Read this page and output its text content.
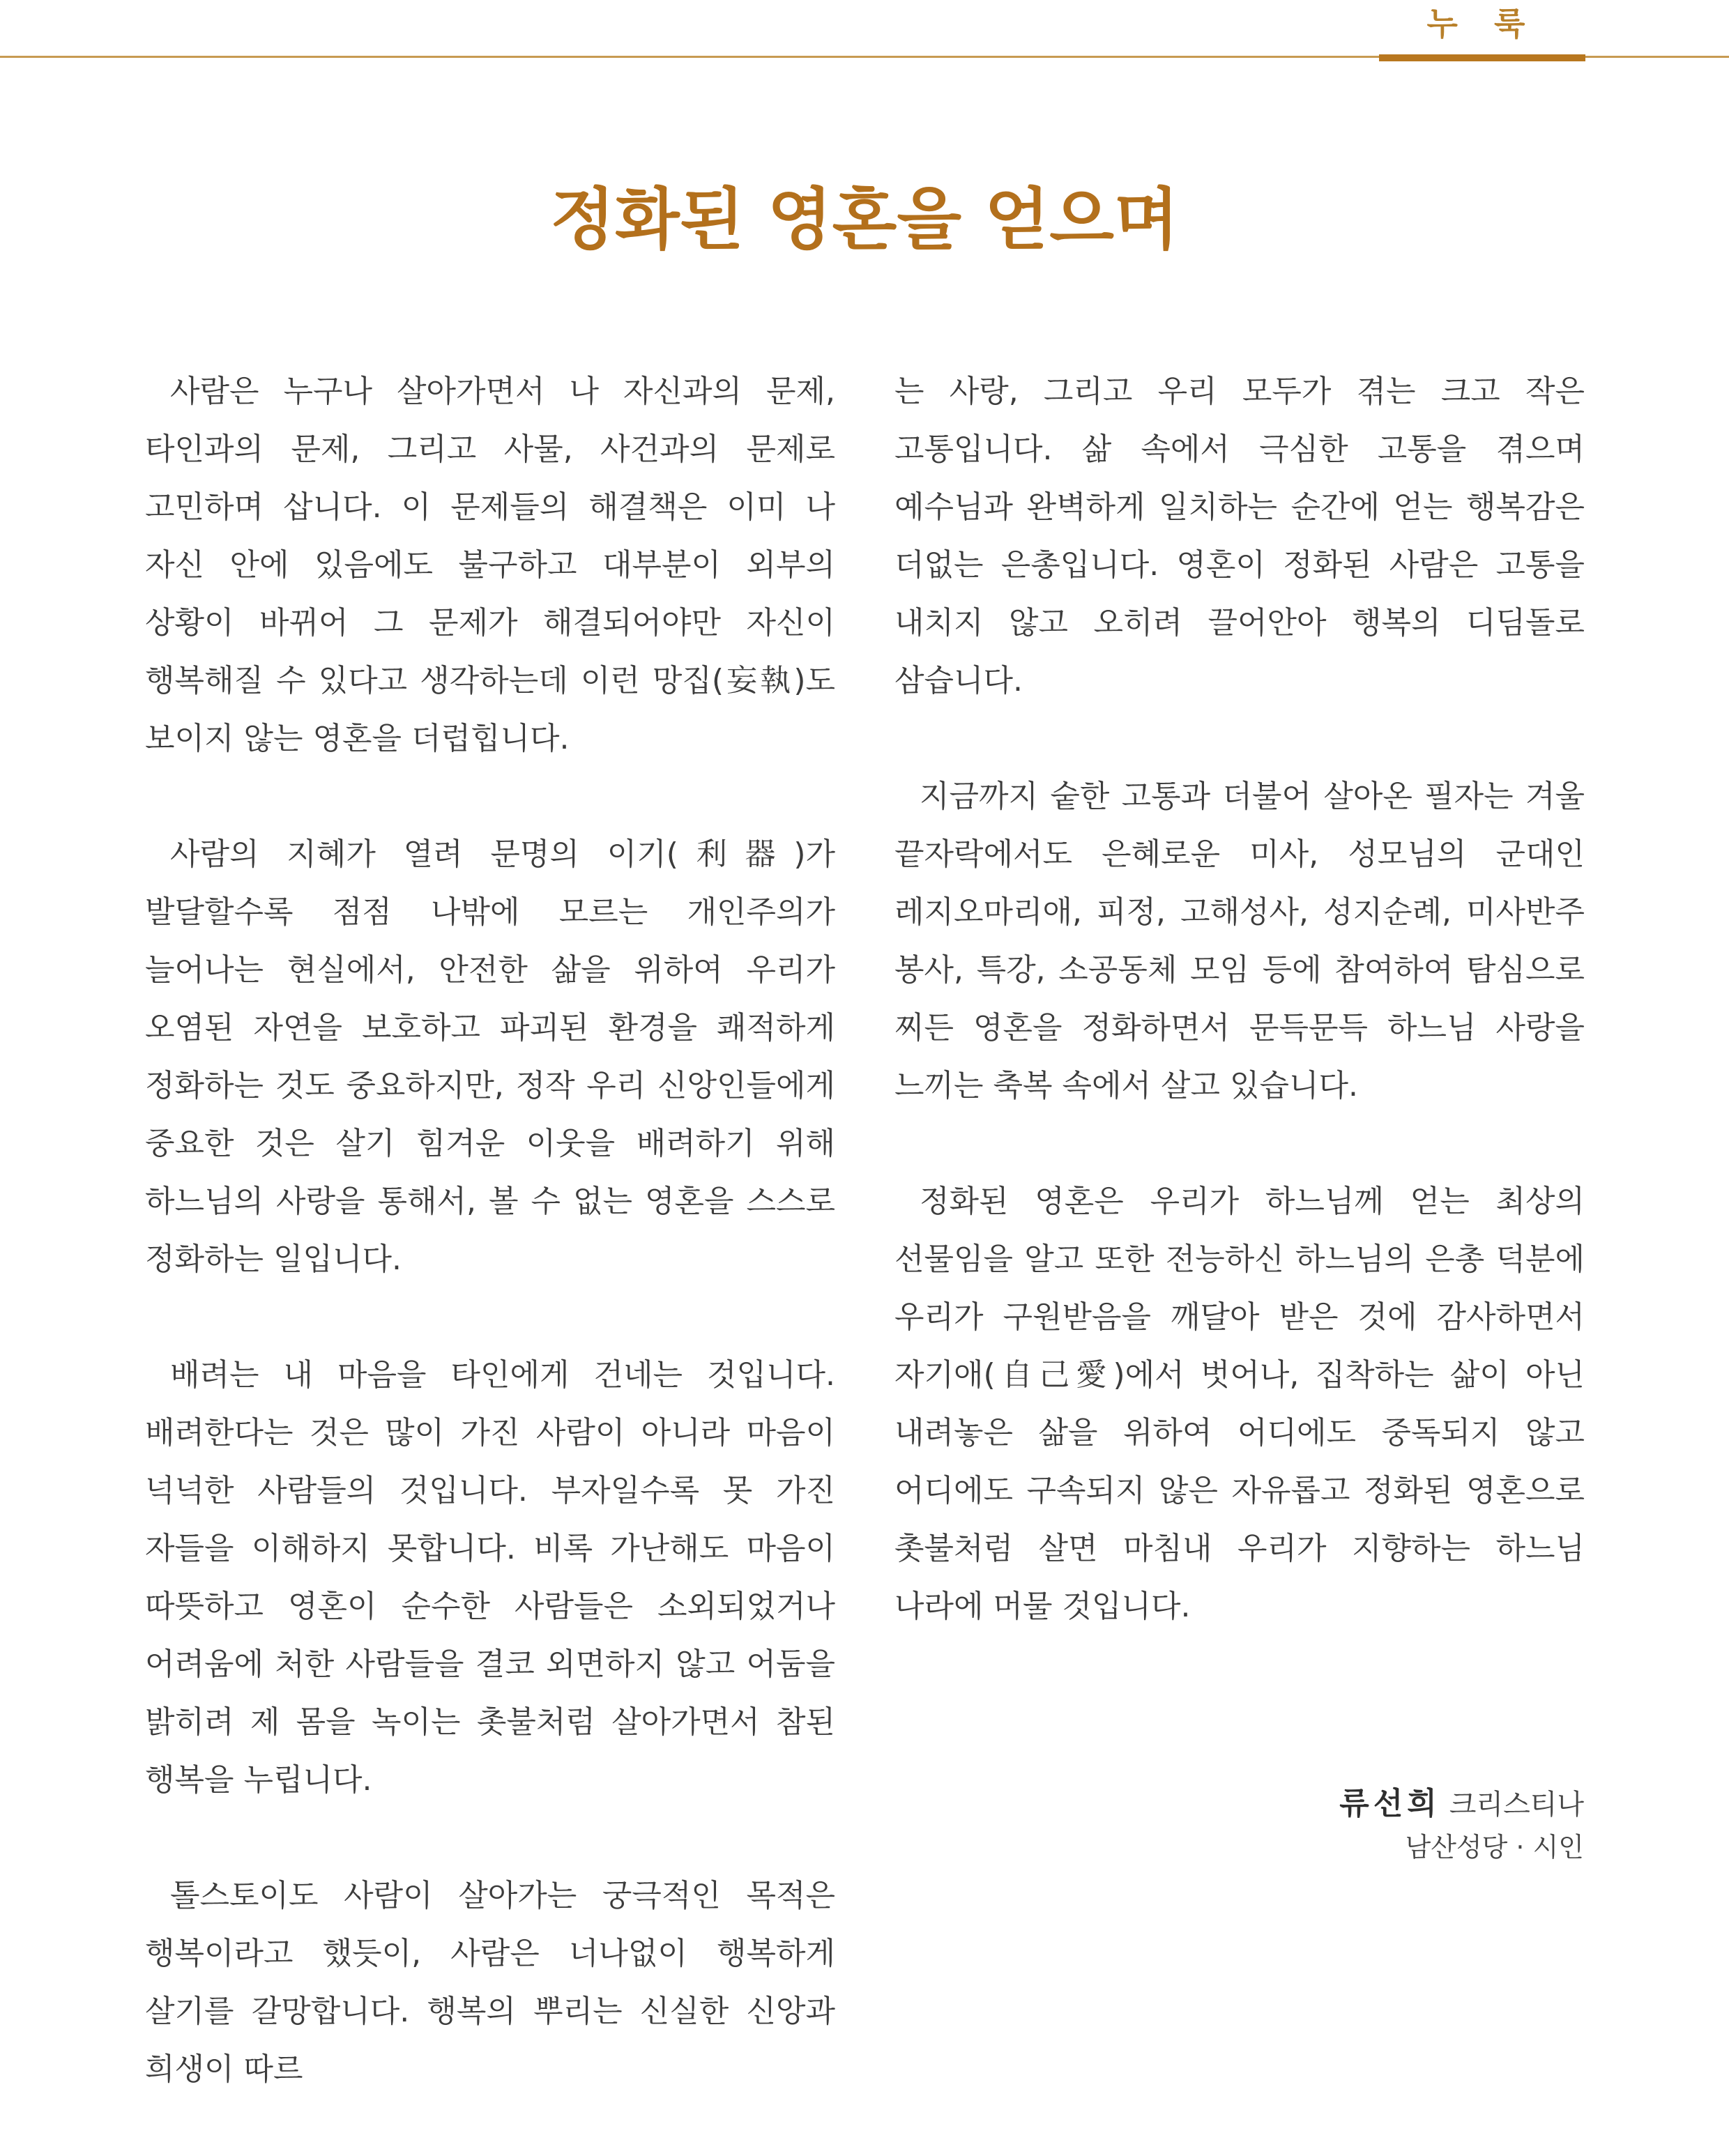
누 룩
정화된 영혼을 얻으며

사람은 누구나 살아가면서 나 자신과의 문제, 타인과의 문제, 그리고 사물, 사건과의 문제로 고민하며 삽니다. 이 문제들의 해결책은 이미 나 자신 안에 있음에도 불구하고 대부분이 외부의 상황이 바뀌어 그 문제가 해결되어야만 자신이 행복해질 수 있다고 생각하는데 이런 망집(妄執)도 보이지 않는 영혼을 더럽힙니다.

사람의 지혜가 열려 문명의 이기(利器)가 발달할수록 점점 나밖에 모르는 개인주의가 늘어나는 현실에서, 안전한 삶을 위하여 우리가 오염된 자연을 보호하고 파괴된 환경을 쾌적하게 정화하는 것도 중요하지만, 정작 우리 신앙인들에게 중요한 것은 살기 힘겨운 이웃을 배려하기 위해 하느님의 사랑을 통해서, 볼 수 없는 영혼을 스스로 정화하는 일입니다.

배려는 내 마음을 타인에게 건네는 것입니다. 배려한다는 것은 많이 가진 사람이 아니라 마음이 넉넉한 사람들의 것입니다. 부자일수록 못 가진 자들을 이해하지 못합니다. 비록 가난해도 마음이 따뜻하고 영혼이 순수한 사람들은 소외되었거나 어려움에 처한 사람들을 결코 외면하지 않고 어둠을 밝히려 제 몸을 녹이는 촛불처럼 살아가면서 참된 행복을 누립니다.

톨스토이도 사람이 살아가는 궁극적인 목적은 행복이라고 했듯이, 사람은 너나없이 행복하게 살기를 갈망합니다. 행복의 뿌리는 신실한 신앙과 희생이 따르

는 사랑, 그리고 우리 모두가 겪는 크고 작은 고통입니다. 삶 속에서 극심한 고통을 겪으며 예수님과 완벽하게 일치하는 순간에 얻는 행복감은 더없는 은총입니다. 영혼이 정화된 사람은 고통을 내치지 않고 오히려 끌어안아 행복의 디딤돌로 삼습니다.

지금까지 숱한 고통과 더불어 살아온 필자는 겨울 끝자락에서도 은혜로운 미사, 성모님의 군대인 레지오마리애, 피정, 고해성사, 성지순례, 미사반주 봉사, 특강, 소공동체 모임 등에 참여하여 탐심으로 찌든 영혼을 정화하면서 문득문득 하느님 사랑을 느끼는 축복 속에서 살고 있습니다.

정화된 영혼은 우리가 하느님께 얻는 최상의 선물임을 알고 또한 전능하신 하느님의 은총 덕분에 우리가 구원받음을 깨달아 받은 것에 감사하면서 자기애(自己愛)에서 벗어나, 집착하는 삶이 아닌 내려놓은 삶을 위하여 어디에도 중독되지 않고 어디에도 구속되지 않은 자유롭고 정화된 영혼으로 촛불처럼 살면 마침내 우리가 지향하는 하느님 나라에 머물 것입니다.

류선희 크리스티나
남산성당 · 시인
